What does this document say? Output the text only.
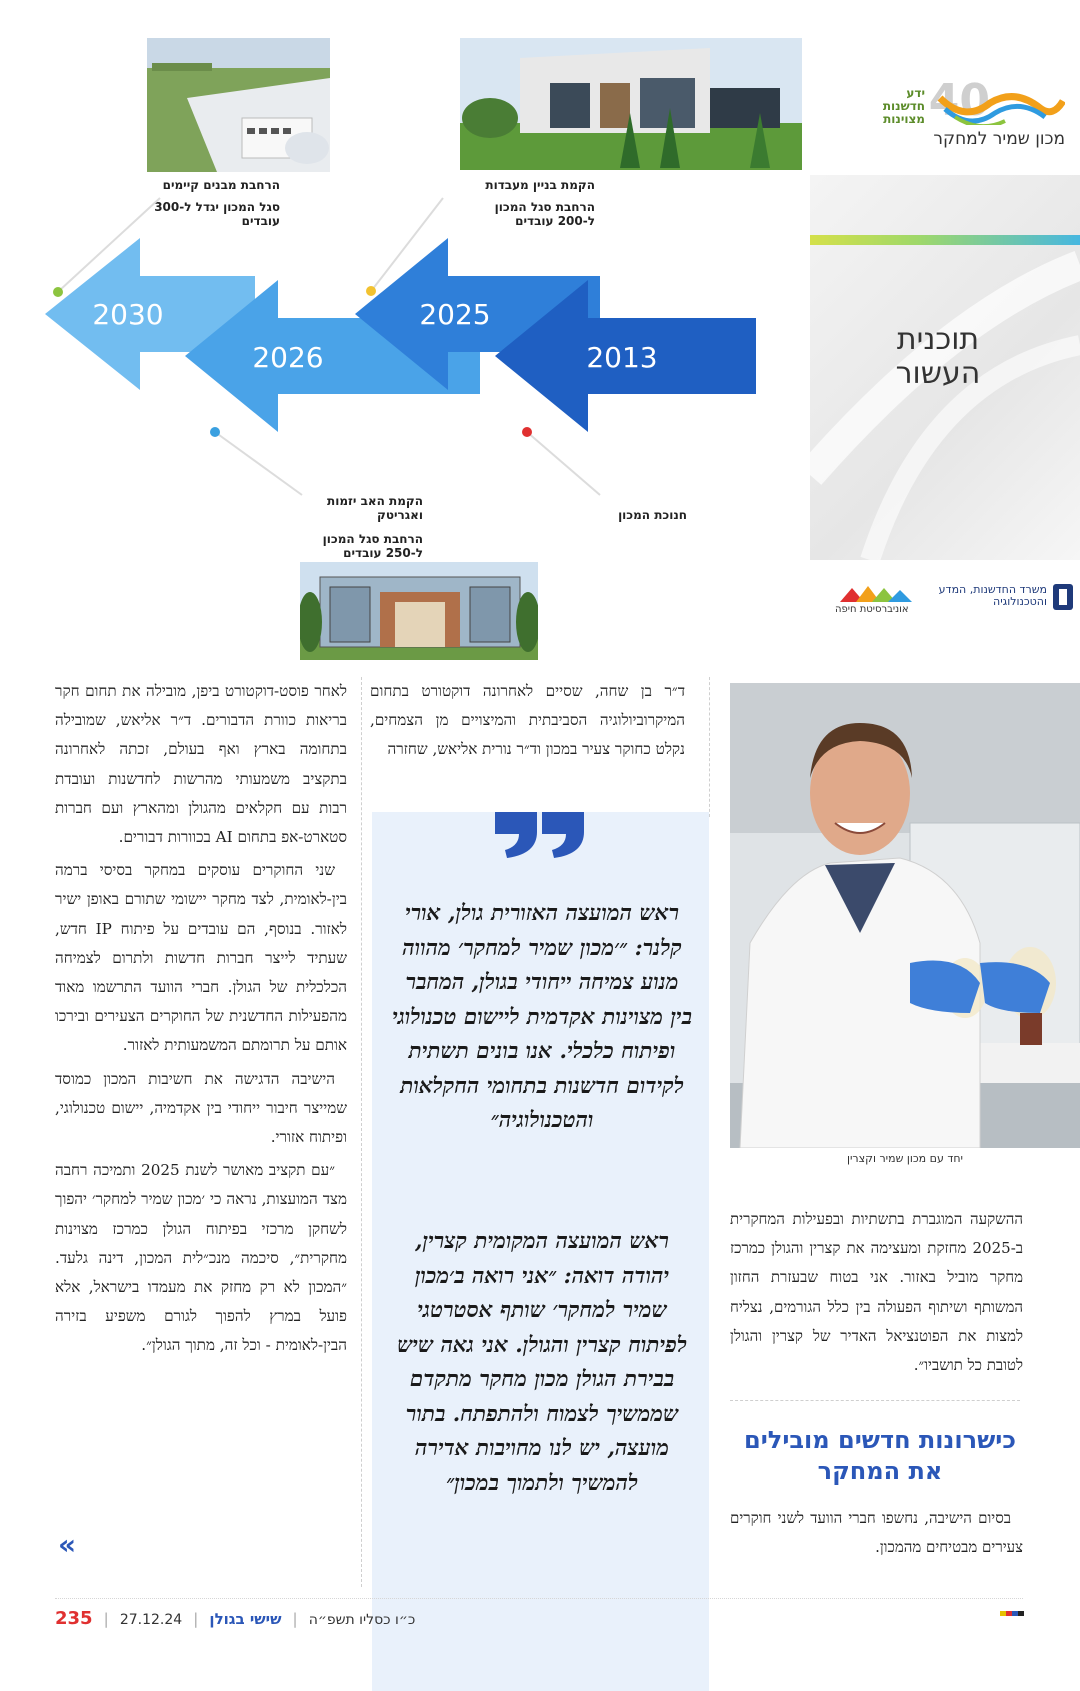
הרחבת מבנים קיימים
סגל המכון יגדל ל-300 עובדים
הקמת בניין מעבדות
הרחבת סגל המכון ל-200 עובדים
2030
2026
2025
2013
הקמת האב יזמות ואגריטק
הרחבת סגל המכון ל-250 עובדים
חנוכת המכון
40
ידע
חדשנות
מצוינות
מכון שמיר למחקר
תוכנית העשור
משרד החדשנות, המדע והטכנולוגיה
אוניברסיטת חיפה

לאחר פוסט-דוקטורט ביפן, מובילה את תחום חקר בריאות כוורת הדבורים. ד״ר אליאש, שמובילה בתחומה בארץ ואף בעולם, זכתה לאחרונה בתקציב משמעותי מהרשות לחדשנות ועובדת רבות עם חקלאים מהגולן ומהארץ ועם חברות סטארט-אפ בתחום AI בכוורות דבורים.

שני החוקרים עוסקים במחקר בסיסי ברמה בין-לאומית, לצד מחקר יישומי שתורם באופן ישיר לאזור. בנוסף, הם עובדים על פיתוח IP חדש, שעתיד לייצר חברות חדשות ולתרום לצמיחה הכלכלית של הגולן. חברי הוועד התרשמו מאוד מהפעילות החדשנית של החוקרים הצעירים ובירכו אותם על תרומתם המשמעותית לאזור.

הישיבה הדגישה את חשיבות המכון כמוסד שמייצר חיבור ייחודי בין אקדמיה, יישום טכנולוגי, ופיתוח אזורי.

״עם תקציב מאושר לשנת 2025 ותמיכה רחבה מצד המועצות, נראה כי ׳מכון שמיר למחקר׳ יהפוך לשחקן מרכזי בפיתוח הגולן כמרכז מצוינות מחקרית״, סיכמה מנכ״לית המכון, דינה גלעד. ״המכון לא רק מחזק את מעמדו בישראל, אלא פועל במרץ להפוך לגורם משפיע בזירה הבין-לאומית - וכל זה, מתוך הגולן״.

ד״ר בן שחה, שסיים לאחרונה דוקטורט בתחום המיקרוביולוגיה הסביבתית והמיצויים מן הצמחים, נקלט כחוקר צעיר במכון וד״ר נורית אליאש, שחזרה

ראש המועצה האזורית גולן, אורי קלנר: ״׳מכון שמיר למחקר׳ מהווה מנוע צמיחה ייחודי בגולן, המחבר בין מצוינות אקדמית ליישום טכנולוגי ופיתוח כלכלי. אנו בונים תשתית לקידום חדשנות בתחומי החקלאות והטכנולוגיה״
ראש המועצה המקומית קצרין, יהודה דואה: ״אני רואה ב׳מכון שמיר למחקר׳ שותף אסטרטגי לפיתוח קצרין והגולן. אני גאה שיש בבירת הגולן מכון מחקר מתקדם שממשיך לצמוח ולהתפתח. בתור מועצה, יש לנו מחויבות אדירה להמשיך ולתמוך במכון״
יחד עם מכון שמיר וקצרין

ההשקעה המוגברת בתשתיות ובפעילות המחקרית ב-2025 מחזקת ומעצימה את קצרין והגולן כמרכז מחקר מוביל באזור. אני בטוח שבעזרת החזון המשותף ושיתוף הפעולה בין כלל הגורמים, נצליח למצות את הפוטנציאל האדיר של קצרין והגולן לטובת כל תושביו״.

כישרונות חדשים מובילים את המחקר

בסיום הישיבה, נחשפו חברי הוועד לשני חוקרים צעירים מבטיחים מהמכון.

«
235 |	שישי בגולן | 27.12.24	| כ״ו כסליו תשפ״ה
